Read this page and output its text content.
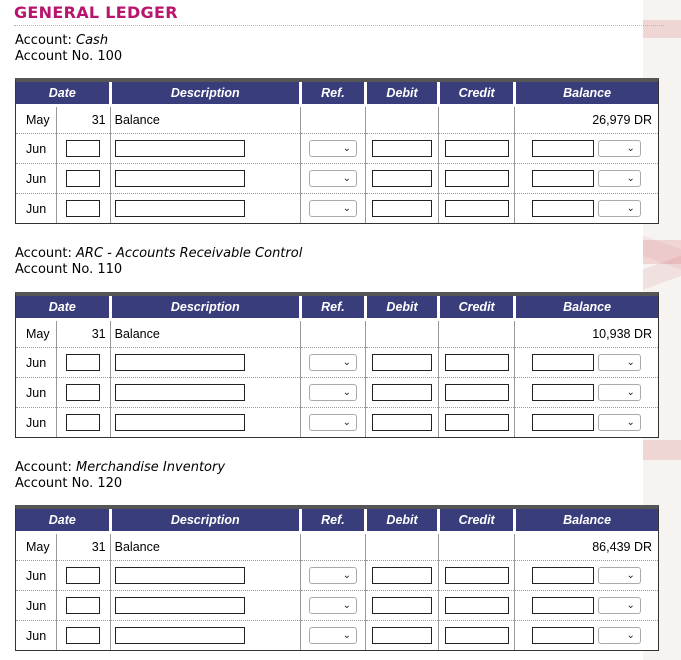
GENERAL LEDGER
Account: Cash
Account No. 100
Date		Description	Ref.	Debit	Credit	Balance
May	31	Balance				26,979 DR
Jun			⌄			⌄

Jun			⌄			⌄

Jun			⌄			⌄
Account: ARC - Accounts Receivable Control
Account No. 110
Date		Description	Ref.	Debit	Credit	Balance
May	31	Balance				10,938 DR
Jun			⌄			⌄

Jun			⌄			⌄

Jun			⌄			⌄
Account: Merchandise Inventory
Account No. 120
Date		Description	Ref.	Debit	Credit	Balance
May	31	Balance				86,439 DR
Jun			⌄			⌄

Jun			⌄			⌄

Jun			⌄			⌄
